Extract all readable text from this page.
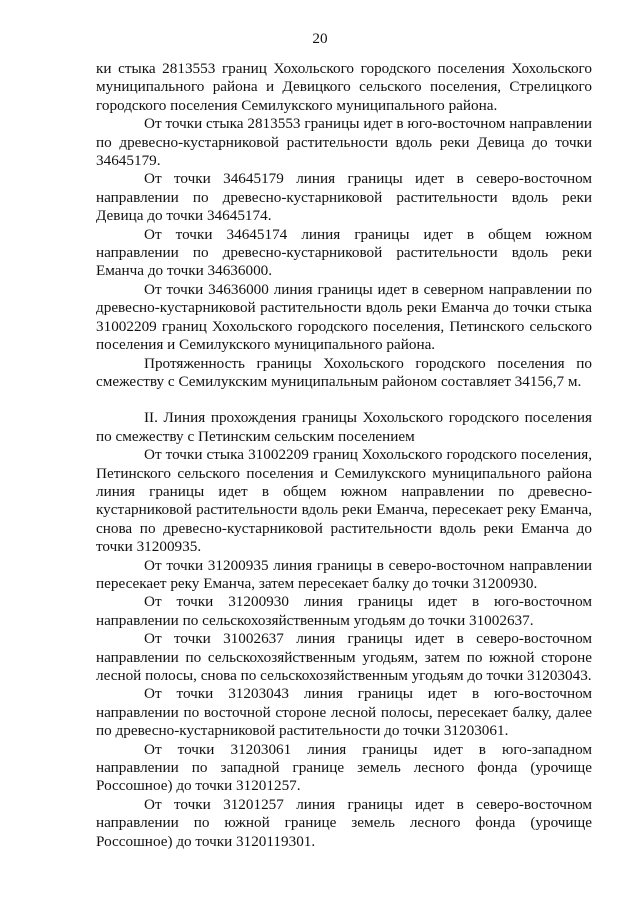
20

ки стыка 2813553 границ Хохольского городского поселения Хохольского муниципального района и Девицкого сельского поселения, Стрелицкого городского поселения Семилукского муниципального района.

От точки стыка 2813553 границы идет в юго-восточном направлении по древесно-кустарниковой растительности вдоль реки Девица до точки 34645179.

От точки 34645179 линия границы идет в северо-восточном направлении по древесно-кустарниковой растительности вдоль реки Девица до точки 34645174.

От точки 34645174 линия границы идет в общем южном направлении по древесно-кустарниковой растительности вдоль реки Еманча до точки 34636000.

От точки 34636000 линия границы идет в северном направлении по древесно-кустарниковой растительности вдоль реки Еманча до точки стыка 31002209 границ Хохольского городского поселения, Петинского сельского поселения и Семилукского муниципального района.

Протяженность границы Хохольского городского поселения по смежеству с Семилукским муниципальным районом составляет 34156,7 м.

II. Линия прохождения границы Хохольского городского поселения по смежеству с Петинским сельским поселением

От точки стыка 31002209 границ Хохольского городского поселения, Петинского сельского поселения и Семилукского муниципального района линия границы идет в общем южном направлении по древесно-кустарниковой растительности вдоль реки Еманча, пересекает реку Еманча, снова по древесно-кустарниковой растительности вдоль реки Еманча до точки 31200935.

От точки 31200935 линия границы в северо-восточном направлении пересекает реку Еманча, затем пересекает балку до точки 31200930.

От точки 31200930 линия границы идет в юго-восточном направлении по сельскохозяйственным угодьям до точки 31002637.

От точки 31002637 линия границы идет в северо-восточном направлении по сельскохозяйственным угодьям, затем по южной стороне лесной полосы, снова по сельскохозяйственным угодьям до точки 31203043.

От точки 31203043 линия границы идет в юго-восточном направлении по восточной стороне лесной полосы, пересекает балку, далее по древесно-кустарниковой растительности до точки 31203061.

От точки 31203061 линия границы идет в юго-западном направлении по западной границе земель лесного фонда (урочище Россошное) до точки 31201257.

От точки 31201257 линия границы идет в северо-восточном направлении по южной границе земель лесного фонда (урочище Россошное) до точки 3120119301.
